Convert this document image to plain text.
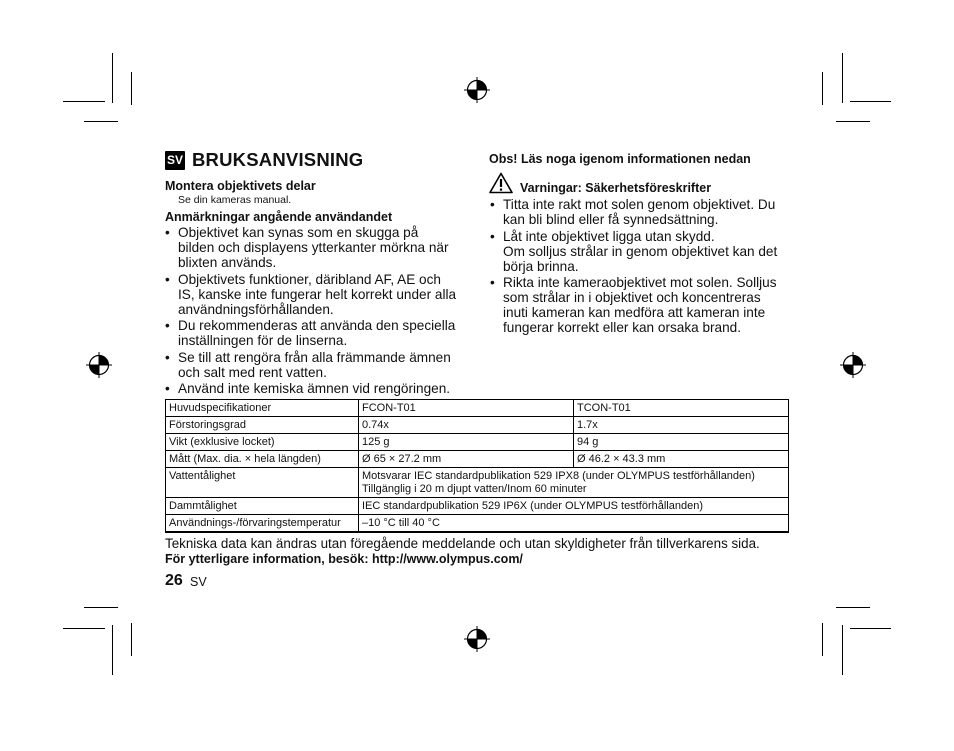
SV BRUKSANVISNING
Montera objektivets delar
Se din kameras manual.
Anmärkningar angående användandet
• Objektivet kan synas som en skugga på
bilden och displayens ytterkanter mörkna när
blixten används.
• Objektivets funktioner, däribland AF, AE och
IS, kanske inte fungerar helt korrekt under alla
användningsförhållanden.
• Du rekommenderas att använda den speciella
inställningen för de linserna.
• Se till att rengöra från alla främmande ämnen
och salt med rent vatten.
• Använd inte kemiska ämnen vid rengöringen.
Obs! Läs noga igenom informationen nedan
Varningar: Säkerhetsföreskrifter
• Titta inte rakt mot solen genom objektivet. Du
kan bli blind eller få synnedsättning.
• Låt inte objektivet ligga utan skydd.
Om solljus strålar in genom objektivet kan det
börja brinna.
• Rikta inte kameraobjektivet mot solen. Solljus
som strålar in i objektivet och koncentreras
inuti kameran kan medföra att kameran inte
fungerar korrekt eller kan orsaka brand.
Huvudspecifikationer	FCON-T01	TCON-T01
Förstoringsgrad	0.74x	1.7x
Vikt (exklusive locket)	125 g	94 g
Mått (Max. dia. × hela längden)	Ø 65 × 27.2 mm	Ø 46.2 × 43.3 mm
Vattentålighet	Motsvarar IEC standardpublikation 529 IPX8 (under OLYMPUS testförhållanden)
Tillgänglig i 20 m djupt vatten/Inom 60 minuter	

Dammtålighet	IEC standardpublikation 529 IP6X (under OLYMPUS testförhållanden)	
Användnings-/förvaringstemperatur	–10 °C till 40 °C	
Tekniska data kan ändras utan föregående meddelande och utan skyldigheter från tillverkarens sida.
För ytterligare information, besök: http://www.olympus.com/
26 SV
